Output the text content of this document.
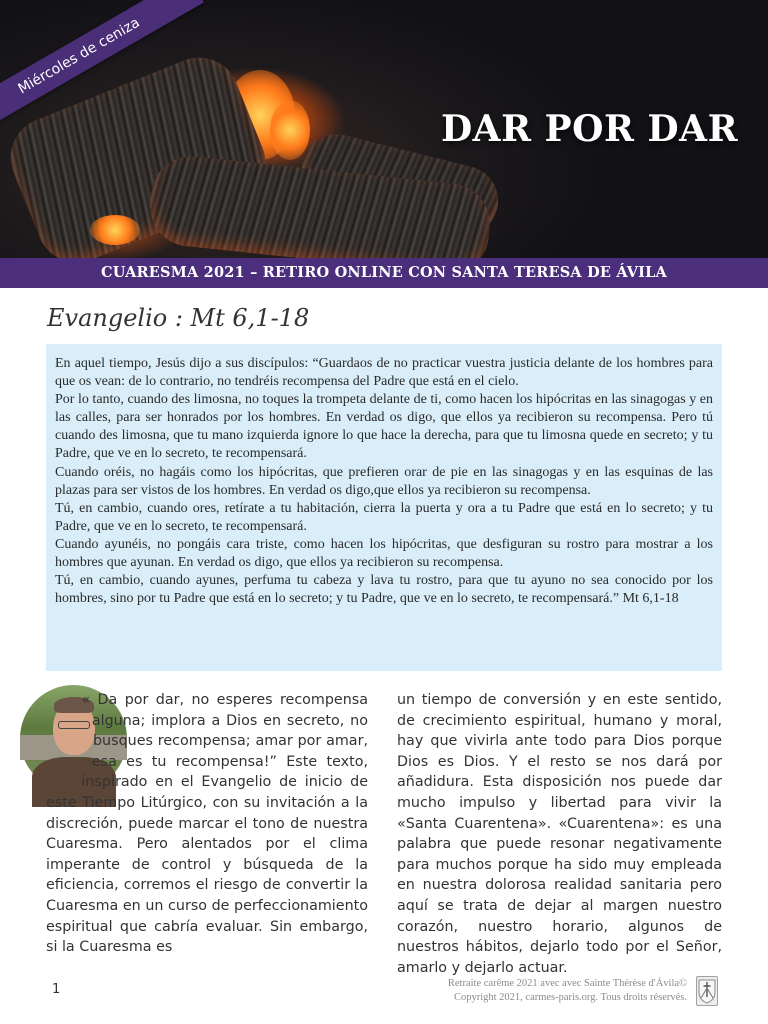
Miércoles de ceniza
DAR POR DAR
CUARESMA 2021 – RETIRO ONLINE CON SANTA TERESA DE ÁVILA
Evangelio : Mt 6,1-18

En aquel tiempo, Jesús dijo a sus discípulos: “Guardaos de no practicar vuestra justicia delante de los hombres para que os vean: de lo contrario, no tendréis recompensa del Padre que está en el cielo.

Por lo tanto, cuando des limosna, no toques la trompeta delante de ti, como hacen los hipócritas en las sinagogas y en las calles, para ser honrados por los hombres. En verdad os digo, que ellos ya recibieron su recompensa. Pero tú cuando des limosna, que tu mano izquierda ignore lo que hace la derecha, para que tu limosna quede en secreto; y tu Padre, que ve en lo secreto, te recompensará.

Cuando oréis, no hagáis como los hipócritas, que prefieren orar de pie en las sinagogas y en las esquinas de las plazas para ser vistos de los hombres. En verdad os digo,que ellos ya recibieron su recompensa.

Tú, en cambio, cuando ores, retírate a tu habitación, cierra la puerta y ora a tu Padre que está en lo secreto; y tu Padre, que ve en lo secreto, te recompensará.

Cuando ayunéis, no pongáis cara triste, como hacen los hipócritas, que desfiguran su rostro para mostrar a los hombres que ayunan. En verdad os digo, que ellos ya recibieron su recompensa.

Tú, en cambio, cuando ayunes, perfuma tu cabeza y lava tu rostro, para que tu ayuno no sea conocido por los hombres, sino por tu Padre que está en lo secreto; y tu Padre, que ve en lo secreto, te recompensará.” Mt 6,1-18

« Da por dar, no esperes recompensa alguna; implora a Dios en secreto, no busques recompensa; amar por amar, esa es tu recompensa!” Este texto, inspirado en el Evangelio de inicio de este Tiempo Litúrgico, con su invitación a la discreción, puede marcar el tono de nuestra Cuaresma. Pero alentados por el clima imperante de control y búsqueda de la eficiencia, corremos el riesgo de convertir la Cuaresma en un curso de perfeccionamiento espiritual que cabría evaluar. Sin embargo, si la Cuaresma es
un tiempo de conversión y en este sentido, de crecimiento espiritual, humano y moral, hay que vivirla ante todo para Dios porque Dios es Dios. Y el resto se nos dará por añadidura. Esta disposición nos puede dar mucho impulso y libertad para vivir la «Santa Cuarentena». «Cuarentena»: es una palabra que puede resonar negativamente para muchos porque ha sido muy empleada en nuestra dolorosa realidad sanitaria pero aquí se trata de dejar al margen nuestro corazón, nuestro horario, algunos de nuestros hábitos, dejarlo todo por el Señor, amarlo y dejarlo actuar.
1	Retraite carême 2021 avec avec Sainte Thérèse d'Ávila©
Copyright 2021, carmes-paris.org. Tous droits réservés.
